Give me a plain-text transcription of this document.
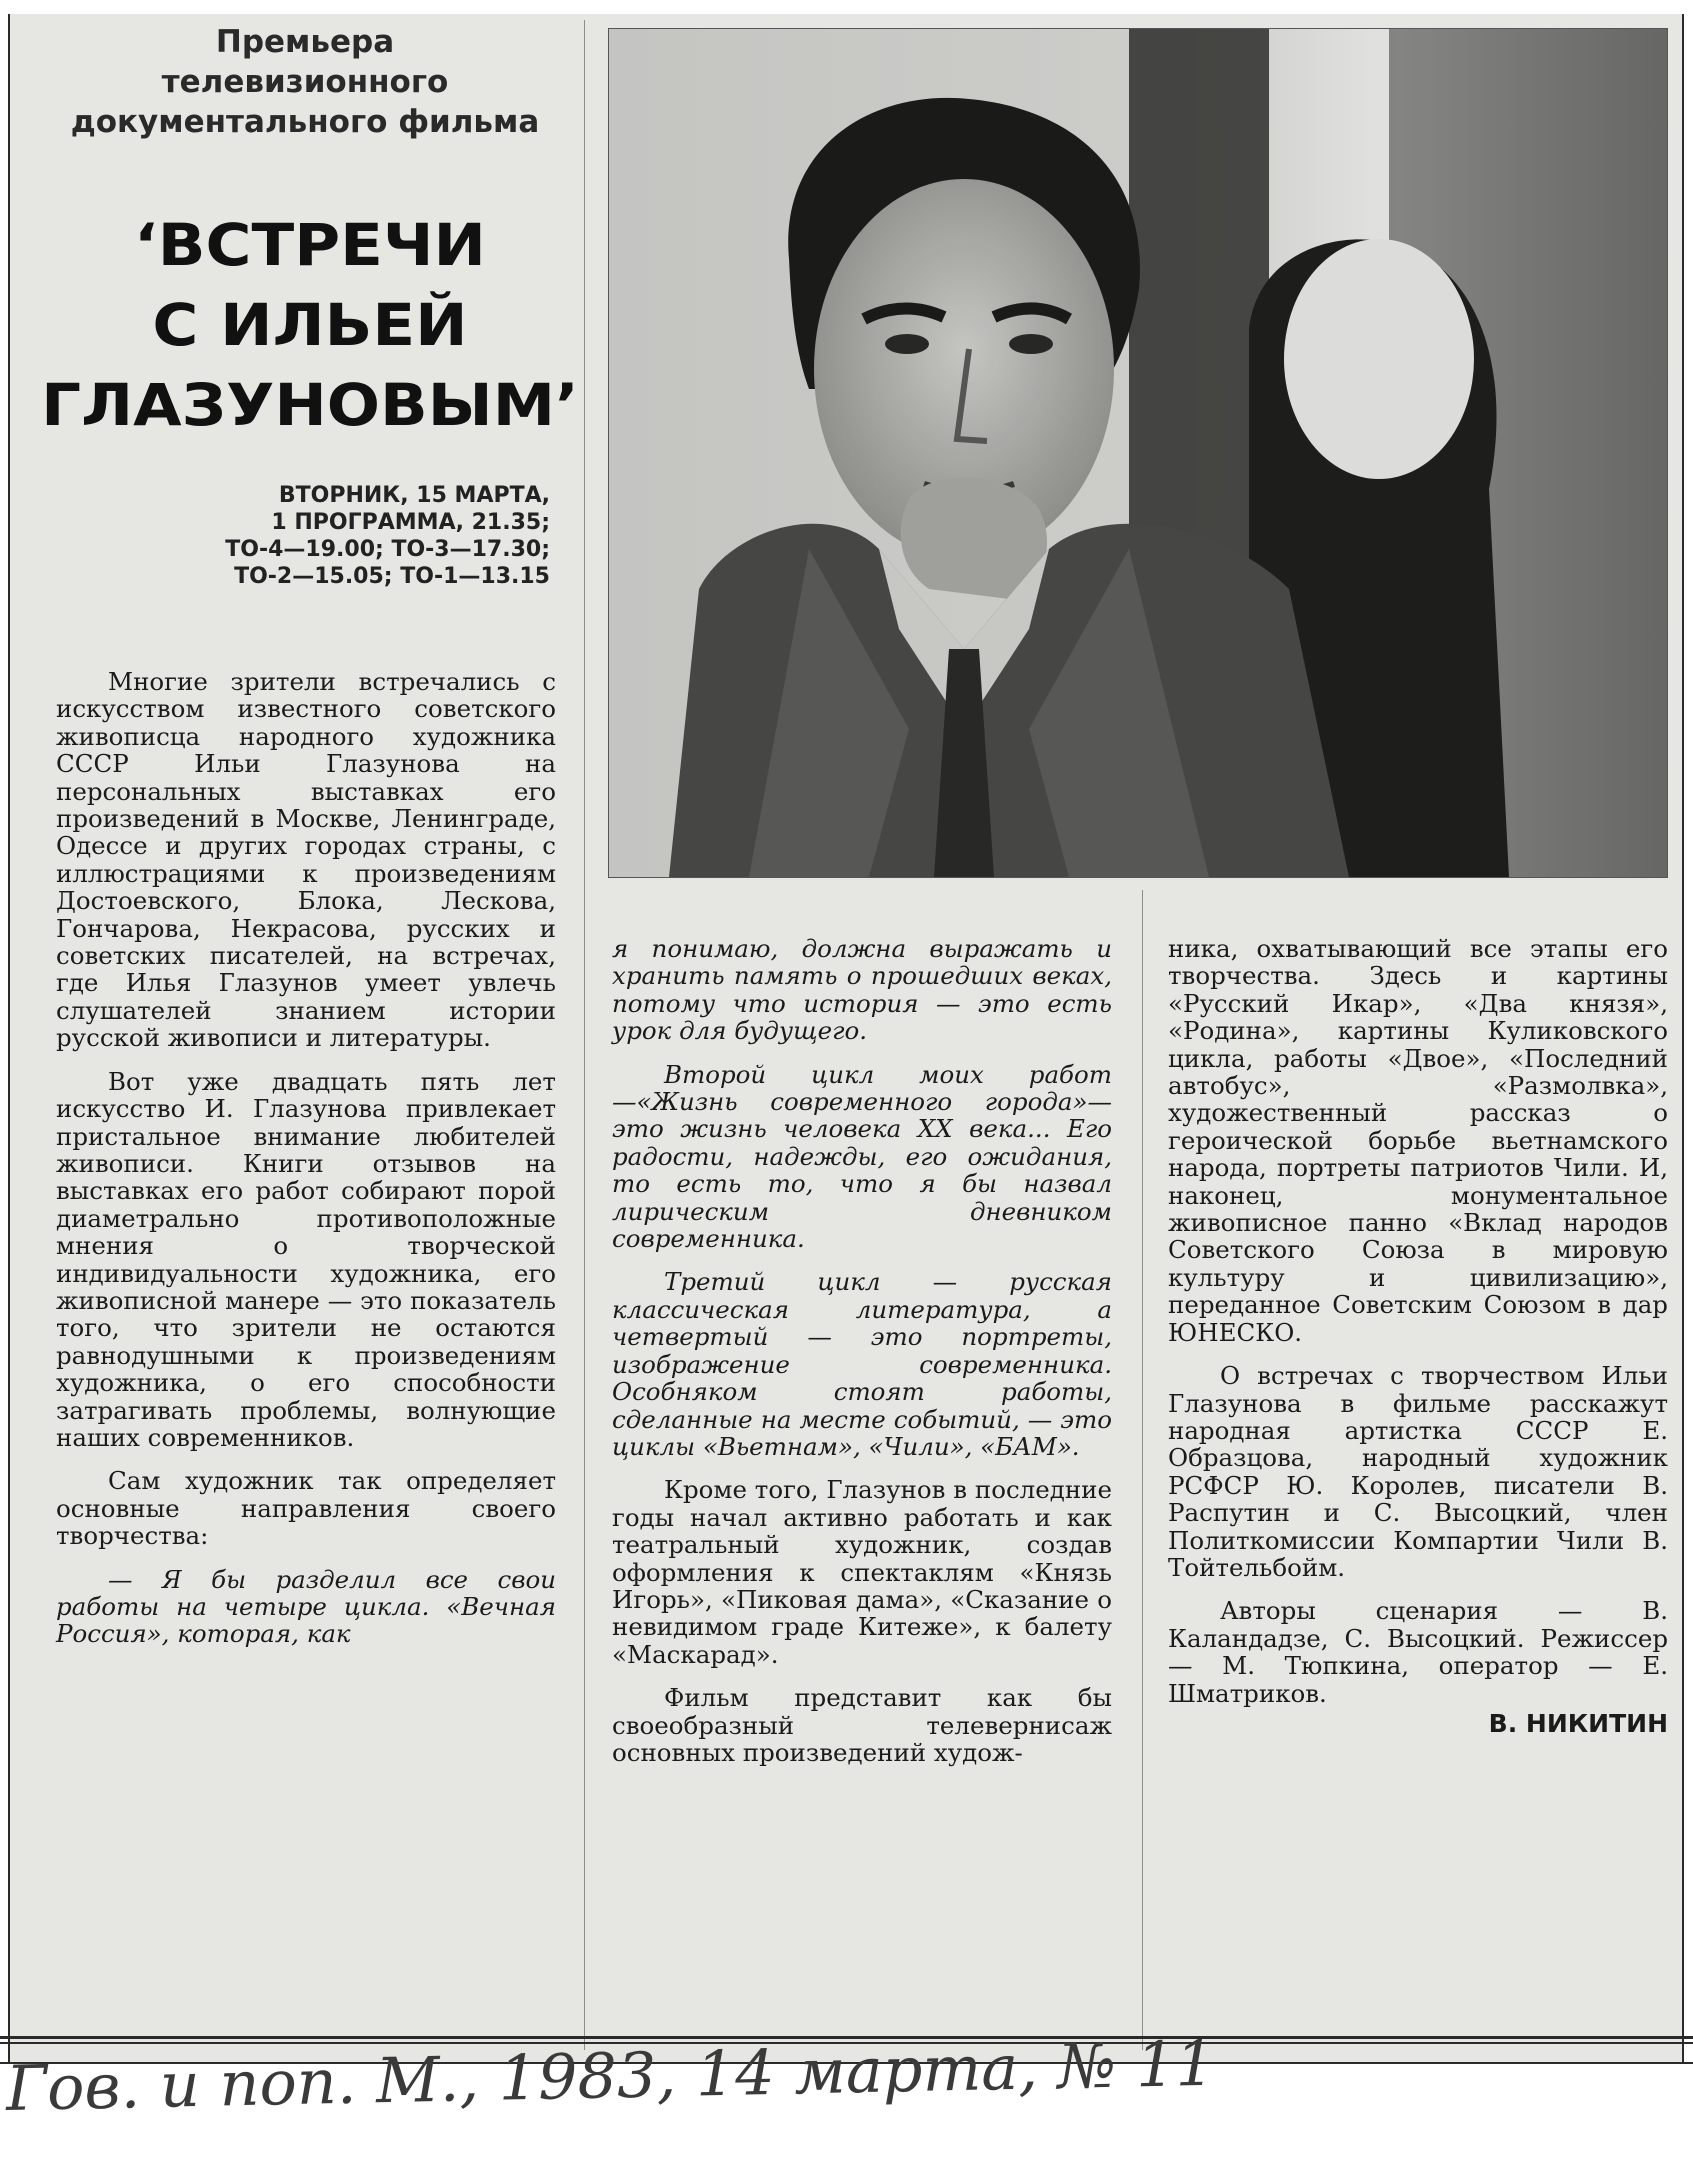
Премьера
телевизионного
документального фильма
‘ВСТРЕЧИ
С ИЛЬЕЙ
ГЛАЗУНОВЫМ’
ВТОРНИК, 15 МАРТА,
1 ПРОГРАММА, 21.35;
ТО-4—19.00; ТО-3—17.30;
ТО-2—15.05; ТО-1—13.15

Многие зрители встречались с искусством известного советского живописца народного художника СССР Ильи Глазунова на персональных выставках его произведений в Москве, Ленинграде, Одессе и других городах страны, с иллюстрациями к произведениям Достоевского, Блока, Лескова, Гончарова, Некрасова, русских и советских писателей, на встречах, где Илья Глазунов умеет увлечь слушателей знанием истории русской живописи и литературы.

Вот уже двадцать пять лет искусство И. Глазунова привлекает пристальное внимание любителей живописи. Книги отзывов на выставках его работ собирают порой диаметрально противоположные мнения о творческой индивидуальности художника, его живописной манере — это показатель того, что зрители не остаются равнодушными к произведениям художника, о его способности затрагивать проблемы, волнующие наших современников.

Сам художник так определяет основные направления своего творчества:

— Я бы разделил все свои работы на четыре цикла. «Вечная Россия», которая, как

я понимаю, должна выражать и хранить память о прошедших веках, потому что история — это есть урок для будущего.

Второй цикл моих работ—«Жизнь современного города»— это жизнь человека XX века... Его радости, надежды, его ожидания, то есть то, что я бы назвал лирическим дневником современника.

Третий цикл — русская классическая литература, а четвертый — это портреты, изображение современника. Особняком стоят работы, сделанные на месте событий, — это циклы «Вьетнам», «Чили», «БАМ».

Кроме того, Глазунов в последние годы начал активно работать и как театральный художник, создав оформления к спектаклям «Князь Игорь», «Пиковая дама», «Сказание о невидимом граде Китеже», к балету «Маскарад».

Фильм представит как бы своеобразный телевернисаж основных произведений худож-

ника, охватывающий все этапы его творчества. Здесь и картины «Русский Икар», «Два князя», «Родина», картины Куликовского цикла, работы «Двое», «Последний автобус», «Размолвка», художественный рассказ о героической борьбе вьетнамского народа, портреты патриотов Чили. И, наконец, монументальное живописное панно «Вклад народов Советского Союза в мировую культуру и цивилизацию», переданное Советским Союзом в дар ЮНЕСКО.

О встречах с творчеством Ильи Глазунова в фильме расскажут народная артистка СССР Е. Образцова, народный художник РСФСР Ю. Королев, писатели В. Распутин и С. Высоцкий, член Политкомиссии Компартии Чили В. Тойтельбойм.

Авторы сценария — В. Каландадзе, С. Высоцкий. Режиссер — М. Тюпкина, оператор — Е. Шматриков.

В. НИКИТИН
Гов. и поп. М., 1983, 14 марта, № 11
